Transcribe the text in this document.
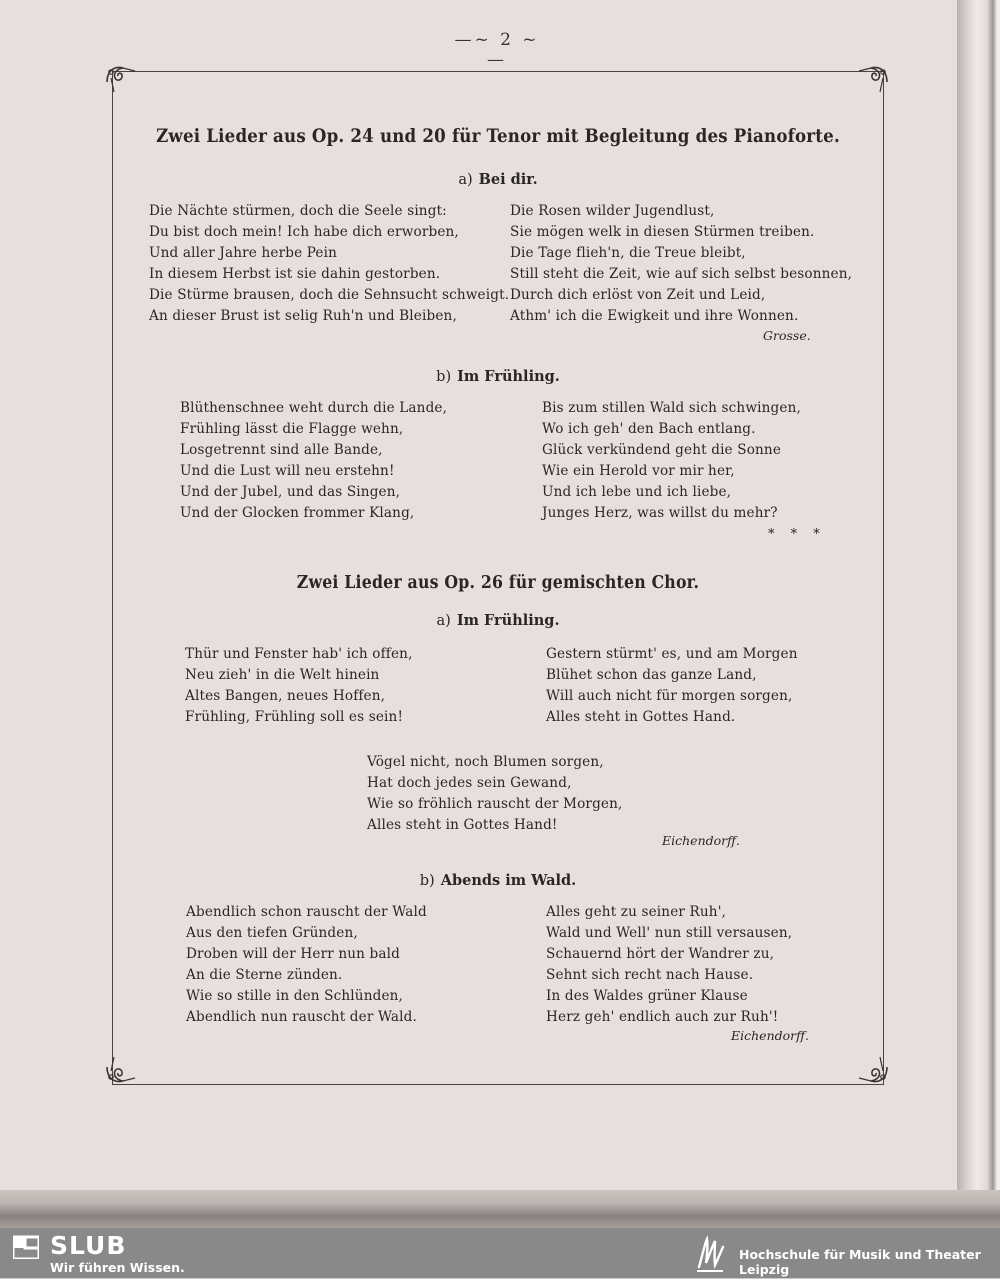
—~ 2 ~—
Zwei Lieder aus Op. 24 und 20 für Tenor mit Begleitung des Pianoforte.
a) Bei dir.
Die Nächte stürmen, doch die Seele singt:
Du bist doch mein! Ich habe dich erworben,
Und aller Jahre herbe Pein
In diesem Herbst ist sie dahin gestorben.
Die Stürme brausen, doch die Sehnsucht schweigt.
An dieser Brust ist selig Ruh'n und Bleiben,
Die Rosen wilder Jugendlust,
Sie mögen welk in diesen Stürmen treiben.
Die Tage flieh'n, die Treue bleibt,
Still steht die Zeit, wie auf sich selbst besonnen,
Durch dich erlöst von Zeit und Leid,
Athm' ich die Ewigkeit und ihre Wonnen.
Grosse.
b) Im Frühling.
Blüthenschnee weht durch die Lande,
Frühling lässt die Flagge wehn,
Losgetrennt sind alle Bande,
Und die Lust will neu erstehn!
Und der Jubel, und das Singen,
Und der Glocken frommer Klang,
Bis zum stillen Wald sich schwingen,
Wo ich geh' den Bach entlang.
Glück verkündend geht die Sonne
Wie ein Herold vor mir her,
Und ich lebe und ich liebe,
Junges Herz, was willst du mehr?
* * *
Zwei Lieder aus Op. 26 für gemischten Chor.
a) Im Frühling.
Thür und Fenster hab' ich offen,
Neu zieh' in die Welt hinein
Altes Bangen, neues Hoffen,
Frühling, Frühling soll es sein!
Gestern stürmt' es, und am Morgen
Blühet schon das ganze Land,
Will auch nicht für morgen sorgen,
Alles steht in Gottes Hand.
Vögel nicht, noch Blumen sorgen,
Hat doch jedes sein Gewand,
Wie so fröhlich rauscht der Morgen,
Alles steht in Gottes Hand!
Eichendorff.
b) Abends im Wald.
Abendlich schon rauscht der Wald
Aus den tiefen Gründen,
Droben will der Herr nun bald
An die Sterne zünden.
Wie so stille in den Schlünden,
Abendlich nun rauscht der Wald.
Alles geht zu seiner Ruh',
Wald und Well' nun still versausen,
Schauernd hört der Wandrer zu,
Sehnt sich recht nach Hause.
In des Waldes grüner Klause
Herz geh' endlich auch zur Ruh'!
Eichendorff.
SLUB
Wir führen Wissen.
Hochschule für Musik und Theater Leipzig
